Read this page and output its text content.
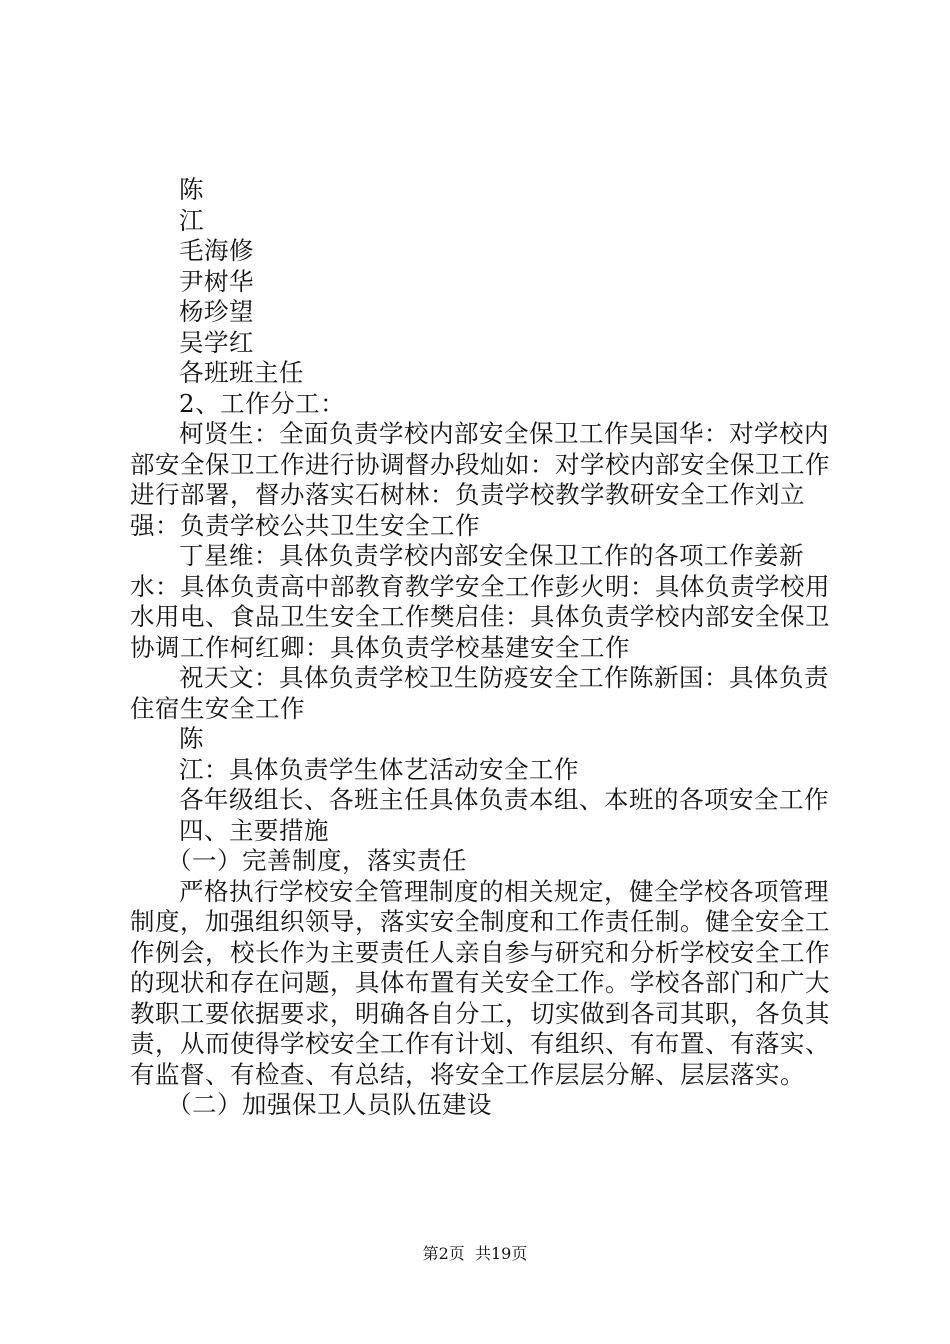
陈

江

毛海修

尹树华

杨珍望

吴学红

各班班主任

2、工作分工：

柯贤生：全面负责学校内部安全保卫工作吴国华：对学校内部安全保卫工作进行协调督办段灿如：对学校内部安全保卫工作进行部署，督办落实石树林：负责学校教学教研安全工作刘立强：负责学校公共卫生安全工作

丁星维：具体负责学校内部安全保卫工作的各项工作姜新水：具体负责高中部教育教学安全工作彭火明：具体负责学校用水用电、食品卫生安全工作樊启佳：具体负责学校内部安全保卫协调工作柯红卿：具体负责学校基建安全工作

祝天文：具体负责学校卫生防疫安全工作陈新国：具体负责住宿生安全工作

陈

江：具体负责学生体艺活动安全工作

各年级组长、各班主任具体负责本组、本班的各项安全工作

四、主要措施

（一）完善制度，落实责任

严格执行学校安全管理制度的相关规定，健全学校各项管理制度，加强组织领导，落实安全制度和工作责任制。健全安全工作例会，校长作为主要责任人亲自参与研究和分析学校安全工作的现状和存在问题，具体布置有关安全工作。学校各部门和广大教职工要依据要求，明确各自分工，切实做到各司其职，各负其责，从而使得学校安全工作有计划、有组织、有布置、有落实、有监督、有检查、有总结，将安全工作层层分解、层层落实。

（二）加强保卫人员队伍建设

第2页 共19页
